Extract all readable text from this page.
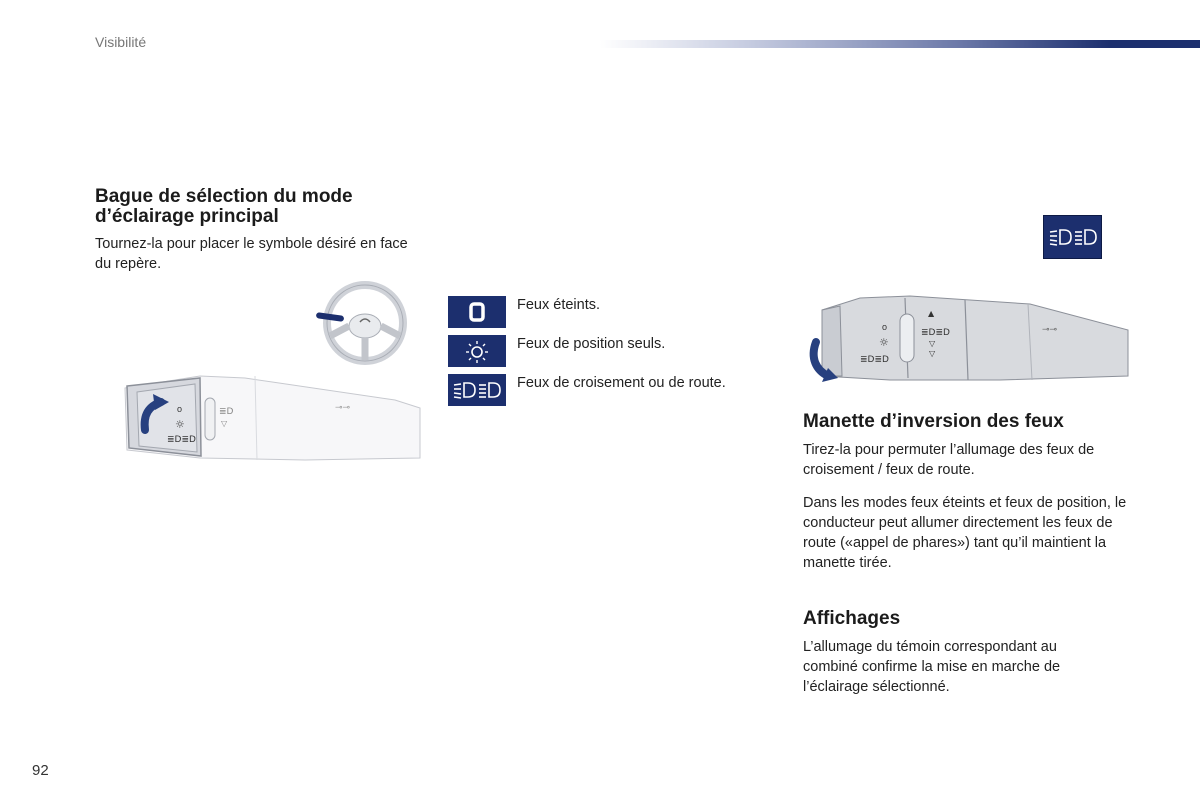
Visibilité
Bague de sélection du mode d’éclairage principal

Tournez-la pour placer le symbole désiré en face du repère.

o
☼
≣D≣D
≣D
▽
⊸⊸
Feux éteints.
Feux de position seuls.
Feux de croisement ou de route.
o
☼
≣D≣D
▲
≣D≣D
▽
▽
⊸⊸
Manette d’inversion des feux

Tirez-la pour permuter l’allumage des feux de croisement / feux de route.

Dans les modes feux éteints et feux de position, le conducteur peut allumer directement les feux de route («appel de phares») tant qu’il maintient la manette tirée.

Affichages

L’allumage du témoin correspondant au combiné confirme la mise en marche de l’éclairage sélectionné.

92
